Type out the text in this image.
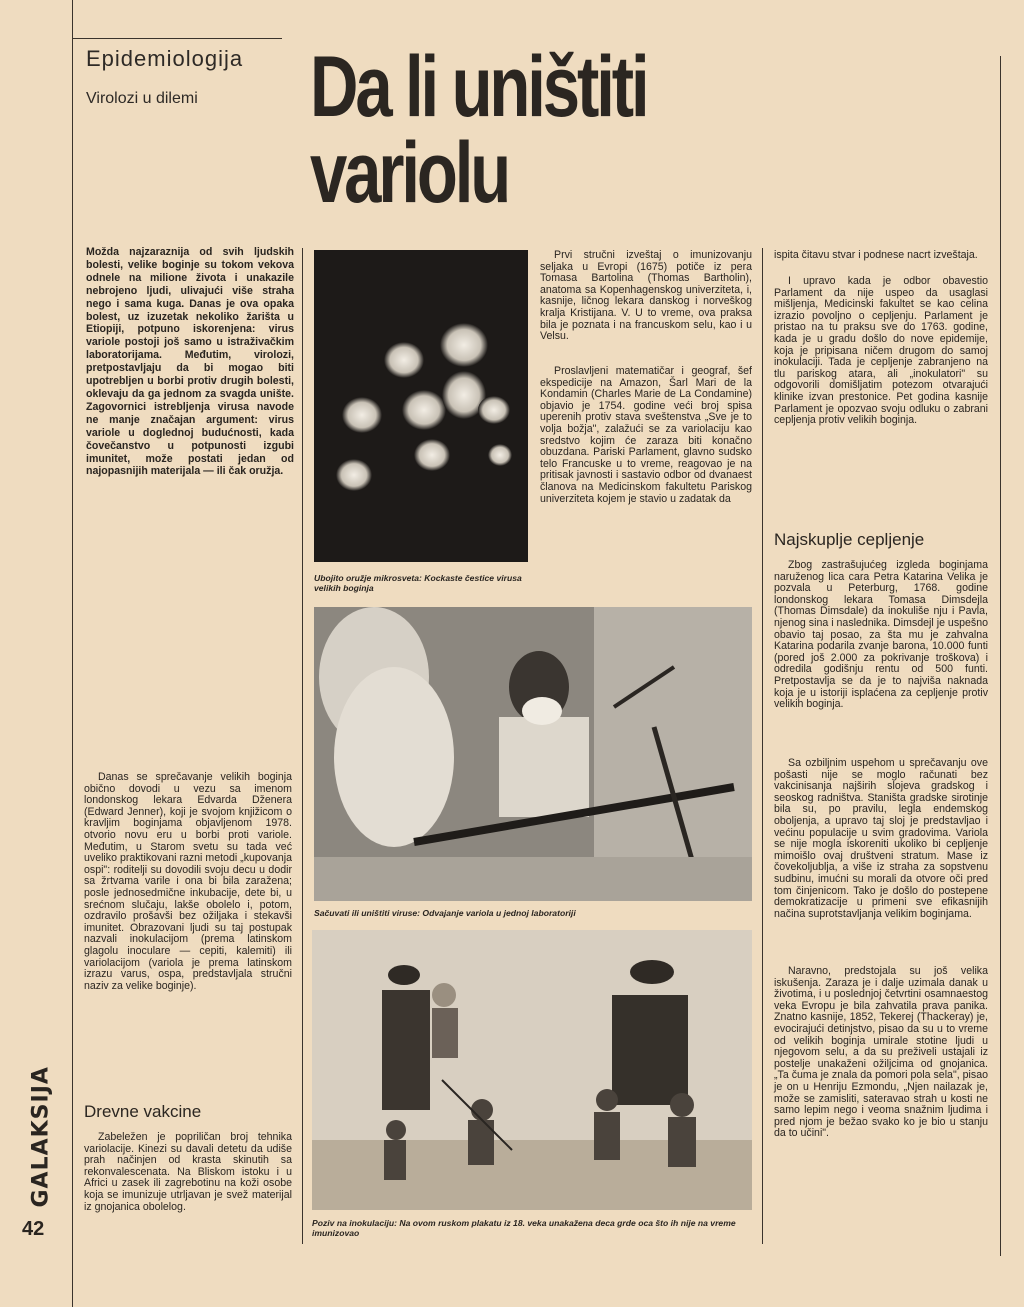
Epidemiologija
Virolozi u dilemi Da li uništiti
variolu
Možda najzaraznija od svih ljudskih bolesti, velike boginje su tokom vekova odnele na milione života i unakazile nebrojeno ljudi, ulivajući više straha nego i sama kuga. Danas je ova opaka bolest, uz izuzetak nekoliko žarišta u Etiopiji, potpuno iskorenjena: virus variole postoji još samo u istraživačkim laboratorijama. Međutim, virolozi, pretpostavljaju da bi mogao biti upotrebljen u borbi protiv drugih bolesti, oklevaju da ga jednom za svagda unište. Zagovornici istrebljenja virusa navode ne manje značajan argument: virus variole u doglednoj budućnosti, kada čovečanstvo u potpunosti izgubi imunitet, može postati jedan od najopasnijih materijala — ili čak oružja.
Danas se sprečavanje velikih boginja obično dovodi u vezu sa imenom londonskog lekara Edvarda Dženera (Edward Jenner), koji je svojom knjižicom o kravljim boginjama objavljenom 1978. otvorio novu eru u borbi proti variole. Međutim, u Starom svetu su tada već uveliko praktikovani razni metodi „kupovanja ospi": roditelji su dovodili svoju decu u dodir sa žrtvama varile i ona bi bila zaražena; posle jednosedmične inkubacije, dete bi, u srećnom slučaju, lakše obolelo i, potom, ozdravilo prošavši bez ožiljaka i stekavši imunitet. Obrazovani ljudi su taj postupak nazvali inokulacijom (prema latinskom glagolu inoculare — cepiti, kalemiti) ili variolacijom (variola je prema latinskom izrazu varus, ospa, predstavljala stručni naziv za velike boginje).
Drevne vakcine
Zabeležen je popriličan broj tehnika variolacije. Kinezi su davali detetu da udiše prah načinjen od krasta skinutih sa rekonvalescenata. Na Bliskom istoku i u Africi u zasek ili zagrebotinu na koži osobe koja se imunizuje utrljavan je svež materijal iz gnojanica obolelog.
Ubojito oružje mikrosveta: Kockaste čestice virusa velikih boginja
Prvi stručni izveštaj o imunizovanju seljaka u Evropi (1675) potiče iz pera Tomasa Bartolina (Thomas Bartholin), anatoma sa Kopenhagenskog univerziteta, i, kasnije, ličnog lekara danskog i norveškog kralja Kristijana. V. U to vreme, ova praksa bila je poznata i na francuskom selu, kao i u Velsu.
Proslavljeni matematičar i geograf, šef ekspedicije na Amazon, Šarl Mari de la Kondamin (Charles Marie de La Condamine) objavio je 1754. godine veći broj spisa uperenih protiv stava sveštenstva „Sve je to volja božja", zalažući se za variolaciju kao sredstvo kojim će zaraza biti konačno obuzdana. Pariski Parlament, glavno sudsko telo Francuske u to vreme, reagovao je na pritisak javnosti i sastavio odbor od dvanaest članova na Medicinskom fakultetu Pariskog univerziteta kojem je stavio u zadatak da
Sačuvati ili uništiti viruse: Odvajanje variola u jednoj laboratoriji
Poziv na inokulaciju: Na ovom ruskom plakatu iz 18. veka unakažena deca grde oca što ih nije na vreme imunizovao
ispita čitavu stvar i podnese nacrt izveštaja.
I upravo kada je odbor obavestio Parlament da nije uspeo da usaglasi mišljenja, Medicinski fakultet se kao celina izrazio povoljno o cepljenju. Parlament je pristao na tu praksu sve do 1763. godine, kada je u gradu došlo do nove epidemije, koja je pripisana ničem drugom do samoj inokulaciji. Tada je cepljenje zabranjeno na tlu pariskog atara, ali „inokulatori" su odgovorili domišljatim potezom otvarajući klinike izvan prestonice. Pet godina kasnije Parlament je opozvao svoju odluku o zabrani cepljenja protiv velikih boginja.
Najskuplje cepljenje
Zbog zastrašujućeg izgleda boginjama naruženog lica cara Petra Katarina Velika je pozvala u Peterburg, 1768. godine londonskog lekara Tomasa Dimsdejla (Thomas Dimsdale) da inokuliše nju i Pavla, njenog sina i naslednika. Dimsdejl je uspešno obavio taj posao, za šta mu je zahvalna Katarina podarila zvanje barona, 10.000 funti (pored još 2.000 za pokrivanje troškova) i odredila godišnju rentu od 500 funti. Pretpostavlja se da je to najviša naknada koja je u istoriji isplaćena za cepljenje protiv velikih boginja.
Sa ozbiljnim uspehom u sprečavanju ove pošasti nije se moglo računati bez vakcinisanja najširih slojeva gradskog i seoskog radništva. Staništa gradske sirotinje bila su, po pravilu, legla endemskog oboljenja, a upravo taj sloj je predstavljao i većinu populacije u svim gradovima. Variola se nije mogla iskoreniti ukoliko bi cepljenje mimoišlo ovaj društveni stratum. Mase iz čovekoljublja, a više iz straha za sopstvenu sudbinu, imućni su morali da otvore oči pred tom činjenicom. Tako je došlo do postepene demokratizacije u primeni sve efikasnijih načina suprotstavljanja velikim boginjama.
Naravno, predstojala su još velika iskušenja. Zaraza je i dalje uzimala danak u životima, i u poslednjoj četvrtini osamnaestog veka Evropu je bila zahvatila prava panika. Znatno kasnije, 1852, Tekerej (Thackeray) je, evocirajući detinjstvo, pisao da su u to vreme od velikih boginja umirale stotine ljudi u njegovom selu, a da su preživeli ustajali iz postelje unakaženi ožiljcima od gnojanica. „Ta čuma je znala da pomori pola sela", pisao je on u Henriju Ezmondu, „Njen nailazak je, može se zamisliti, sateravao strah u kosti ne samo lepim nego i veoma snažnim ljudima i pred njom je bežao svako ko je bio u stanju da to učini".
GALAKSIJA
42
